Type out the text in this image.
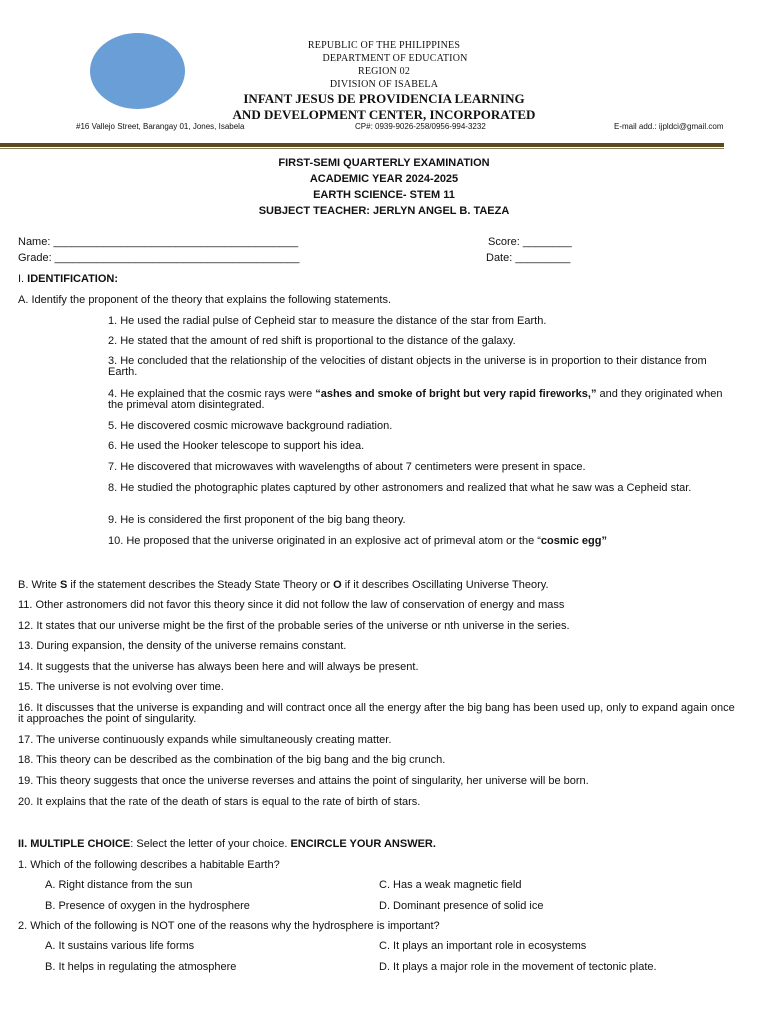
REPUBLIC OF THE PHILIPPINES
DEPARTMENT OF EDUCATION
REGION 02
DIVISION OF ISABELA
INFANT JESUS DE PROVIDENCIA LEARNING
AND DEVELOPMENT CENTER, INCORPORATED
#16 Vallejo Street, Barangay 01, Jones, Isabela	CP#: 0939-9026-258/0956-994-3232	E-mail add.: ijpldci@gmail.com
FIRST-SEMI QUARTERLY EXAMINATION
ACADEMIC YEAR 2024-2025
EARTH SCIENCE- STEM 11
SUBJECT TEACHER: JERLYN ANGEL B. TAEZA
Name: ________________________________________	Score: ________
Grade: ________________________________________	Date: _________
I. IDENTIFICATION:
A. Identify the proponent of the theory that explains the following statements.
1. He used the radial pulse of Cepheid star to measure the distance of the star from Earth.
2. He stated that the amount of red shift is proportional to the distance of the galaxy.
3. He concluded that the relationship of the velocities of distant objects in the universe is in proportion to their distance from Earth.
4. He explained that the cosmic rays were “ashes and smoke of bright but very rapid fireworks,” and they originated when the primeval atom disintegrated.
5. He discovered cosmic microwave background radiation.
6. He used the Hooker telescope to support his idea.
7. He discovered that microwaves with wavelengths of about 7 centimeters were present in space.
8. He studied the photographic plates captured by other astronomers and realized that what he saw was a Cepheid star.
9. He is considered the first proponent of the big bang theory.
10. He proposed that the universe originated in an explosive act of primeval atom or the “cosmic egg”
B. Write S if the statement describes the Steady State Theory or O if it describes Oscillating Universe Theory.
11. Other astronomers did not favor this theory since it did not follow the law of conservation of energy and mass
12. It states that our universe might be the first of the probable series of the universe or nth universe in the series.
13. During expansion, the density of the universe remains constant.
14. It suggests that the universe has always been here and will always be present.
15. The universe is not evolving over time.
16. It discusses that the universe is expanding and will contract once all the energy after the big bang has been used up, only to expand again once it approaches the point of singularity.
17. The universe continuously expands while simultaneously creating matter.
18. This theory can be described as the combination of the big bang and the big crunch.
19. This theory suggests that once the universe reverses and attains the point of singularity, her universe will be born.
20. It explains that the rate of the death of stars is equal to the rate of birth of stars.
II. MULTIPLE CHOICE: Select the letter of your choice. ENCIRCLE YOUR ANSWER.
1. Which of the following describes a habitable Earth?
A. Right distance from the sun	C. Has a weak magnetic field
B. Presence of oxygen in the hydrosphere	D. Dominant presence of solid ice
2. Which of the following is NOT one of the reasons why the hydrosphere is important?
A. It sustains various life forms	C. It plays an important role in ecosystems
B. It helps in regulating the atmosphere	D. It plays a major role in the movement of tectonic plate.
